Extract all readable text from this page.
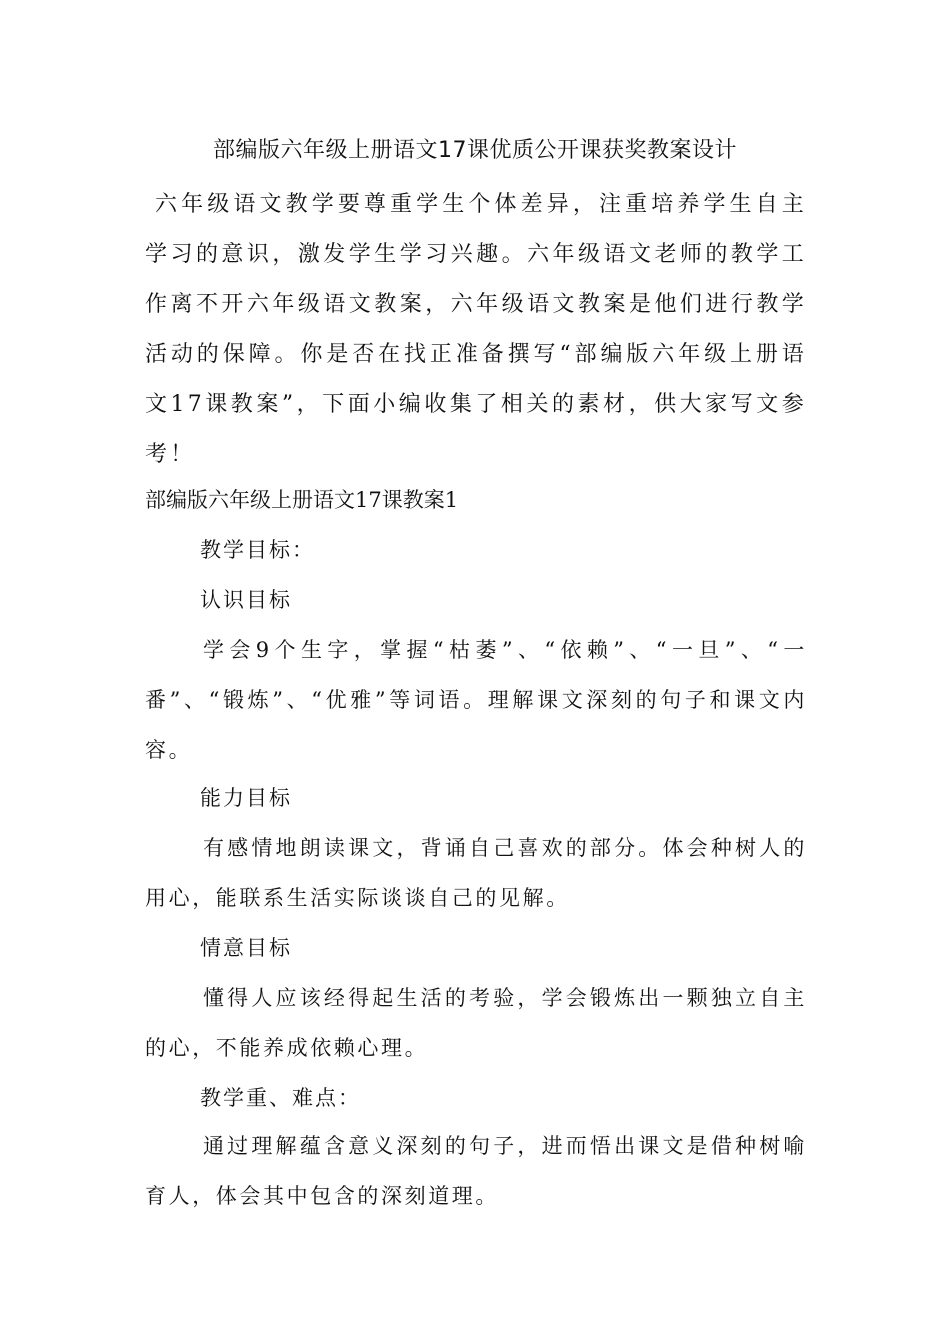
部编版六年级上册语文17课优质公开课获奖教案设计

六年级语文教学要尊重学生个体差异，注重培养学生自主学习的意识，激发学生学习兴趣。六年级语文老师的教学工作离不开六年级语文教案，六年级语文教案是他们进行教学活动的保障。你是否在找正准备撰写“部编版六年级上册语文17课教案”，下面小编收集了相关的素材，供大家写文参考！

部编版六年级上册语文17课教案1
教学目标：
认识目标

学会9个生字，掌握“枯萎”、“依赖”、“一旦”、“一番”、“锻炼”、“优雅”等词语。理解课文深刻的句子和课文内容。

能力目标

有感情地朗读课文，背诵自己喜欢的部分。体会种树人的用心，能联系生活实际谈谈自己的见解。

情意目标

懂得人应该经得起生活的考验，学会锻炼出一颗独立自主的心，不能养成依赖心理。

教学重、难点：

通过理解蕴含意义深刻的句子，进而悟出课文是借种树喻育人，体会其中包含的深刻道理。
